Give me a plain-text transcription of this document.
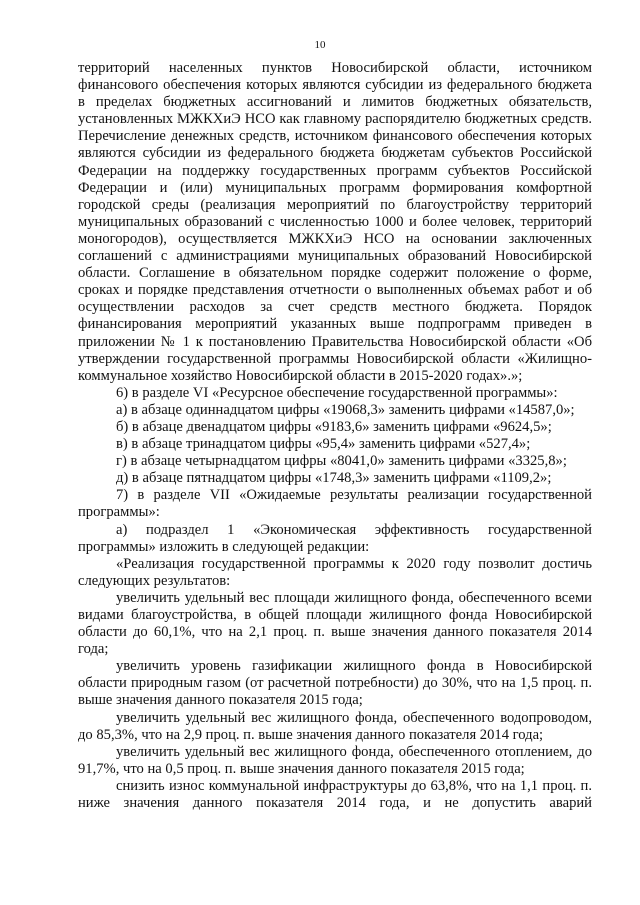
10

территорий населенных пунктов Новосибирской области, источником финансового обеспечения которых являются субсидии из федерального бюджета в пределах бюджетных ассигнований и лимитов бюджетных обязательств, установленных МЖКХиЭ НСО как главному распорядителю бюджетных средств. Перечисление денежных средств, источником финансового обеспечения которых являются субсидии из федерального бюджета бюджетам субъектов Российской Федерации на поддержку государственных программ субъектов Российской Федерации и (или) муниципальных программ формирования комфортной городской среды (реализация мероприятий по благоустройству территорий муниципальных образований с численностью 1000 и более человек, территорий моногородов), осуществляется МЖКХиЭ НСО на основании заключенных соглашений с администрациями муниципальных образований Новосибирской области. Соглашение в обязательном порядке содержит положение о форме, сроках и порядке представления отчетности о выполненных объемах работ и об осуществлении расходов за счет средств местного бюджета. Порядок финансирования мероприятий указанных выше подпрограмм приведен в приложении № 1 к постановлению Правительства Новосибирской области «Об утверждении государственной программы Новосибирской области «Жилищно-коммунальное хозяйство Новосибирской области в 2015-2020 годах».»;

6) в разделе VI «Ресурсное обеспечение государственной программы»:

а) в абзаце одиннадцатом цифры «19068,3» заменить цифрами «14587,0»;

б) в абзаце двенадцатом цифры «9183,6» заменить цифрами «9624,5»;

в) в абзаце тринадцатом цифры «95,4» заменить цифрами «527,4»;

г) в абзаце четырнадцатом цифры «8041,0» заменить цифрами «3325,8»;

д) в абзаце пятнадцатом цифры «1748,3» заменить цифрами «1109,2»;

7) в разделе VII «Ожидаемые результаты реализации государственной программы»:

а) подраздел 1 «Экономическая эффективность государственной программы» изложить в следующей редакции:

«Реализация государственной программы к 2020 году позволит достичь следующих результатов:

увеличить удельный вес площади жилищного фонда, обеспеченного всеми видами благоустройства, в общей площади жилищного фонда Новосибирской области до 60,1%, что на 2,1 проц. п. выше значения данного показателя 2014 года;

увеличить уровень газификации жилищного фонда в Новосибирской области природным газом (от расчетной потребности) до 30%, что на 1,5 проц. п. выше значения данного показателя 2015 года;

увеличить удельный вес жилищного фонда, обеспеченного водопроводом, до 85,3%, что на 2,9 проц. п. выше значения данного показателя 2014 года;

увеличить удельный вес жилищного фонда, обеспеченного отоплением, до 91,7%, что на 0,5 проц. п. выше значения данного показателя 2015 года;

снизить износ коммунальной инфраструктуры до 63,8%, что на 1,1 проц. п. ниже значения данного показателя 2014 года, и не допустить аварий
